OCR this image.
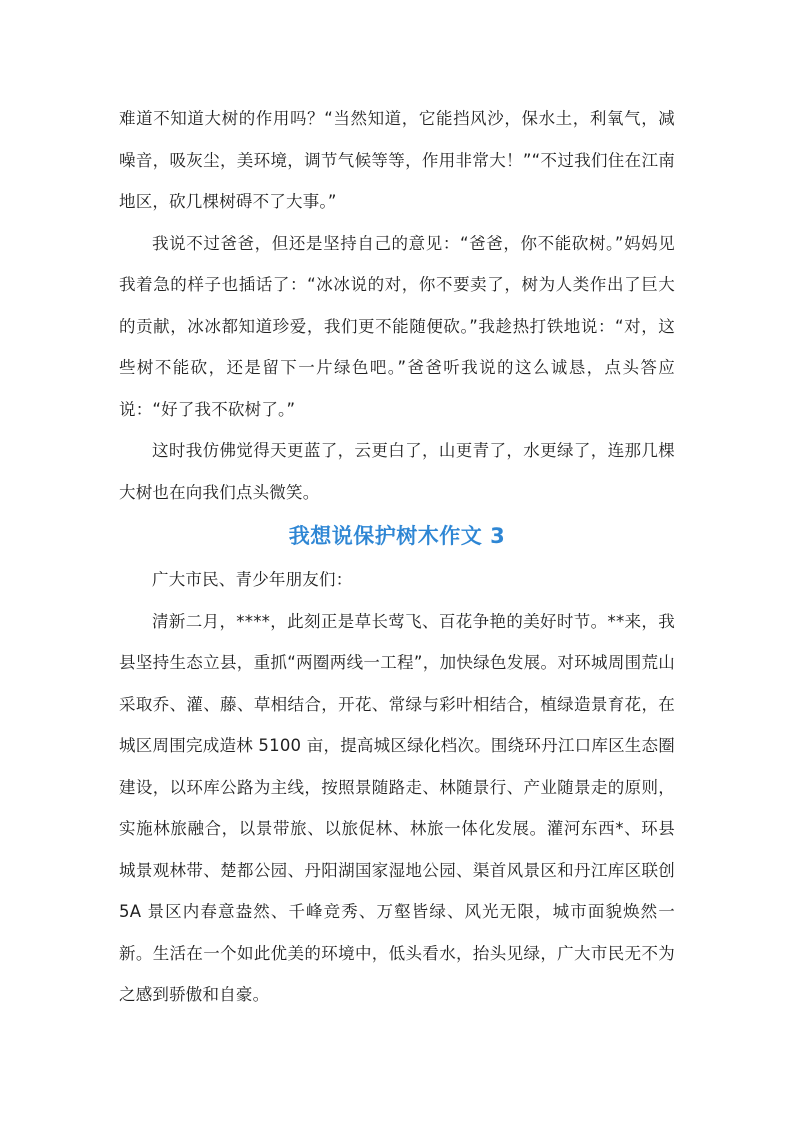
难道不知道大树的作用吗？“当然知道，它能挡风沙，保水土，利氧气，减噪音，吸灰尘，美环境，调节气候等等，作用非常大！”“不过我们住在江南地区，砍几棵树碍不了大事。”

我说不过爸爸，但还是坚持自己的意见：“爸爸，你不能砍树。”妈妈见我着急的样子也插话了：“冰冰说的对，你不要卖了，树为人类作出了巨大的贡献，冰冰都知道珍爱，我们更不能随便砍。”我趁热打铁地说：“对，这些树不能砍，还是留下一片绿色吧。”爸爸听我说的这么诚恳，点头答应说：“好了我不砍树了。”

这时我仿佛觉得天更蓝了，云更白了，山更青了，水更绿了，连那几棵大树也在向我们点头微笑。

我想说保护树木作文 3

广大市民、青少年朋友们：

清新二月，****，此刻正是草长莺飞、百花争艳的美好时节。**来，我县坚持生态立县，重抓“两圈两线一工程”，加快绿色发展。对环城周围荒山采取乔、灌、藤、草相结合，开花、常绿与彩叶相结合，植绿造景育花，在城区周围完成造林 5100 亩，提高城区绿化档次。围绕环丹江口库区生态圈建设，以环库公路为主线，按照景随路走、林随景行、产业随景走的原则，实施林旅融合，以景带旅、以旅促林、林旅一体化发展。灌河东西*、环县城景观林带、楚都公园、丹阳湖国家湿地公园、渠首风景区和丹江库区联创 5A 景区内春意盎然、千峰竞秀、万壑皆绿、风光无限，城市面貌焕然一新。生活在一个如此优美的环境中，低头看水，抬头见绿，广大市民无不为之感到骄傲和自豪。
